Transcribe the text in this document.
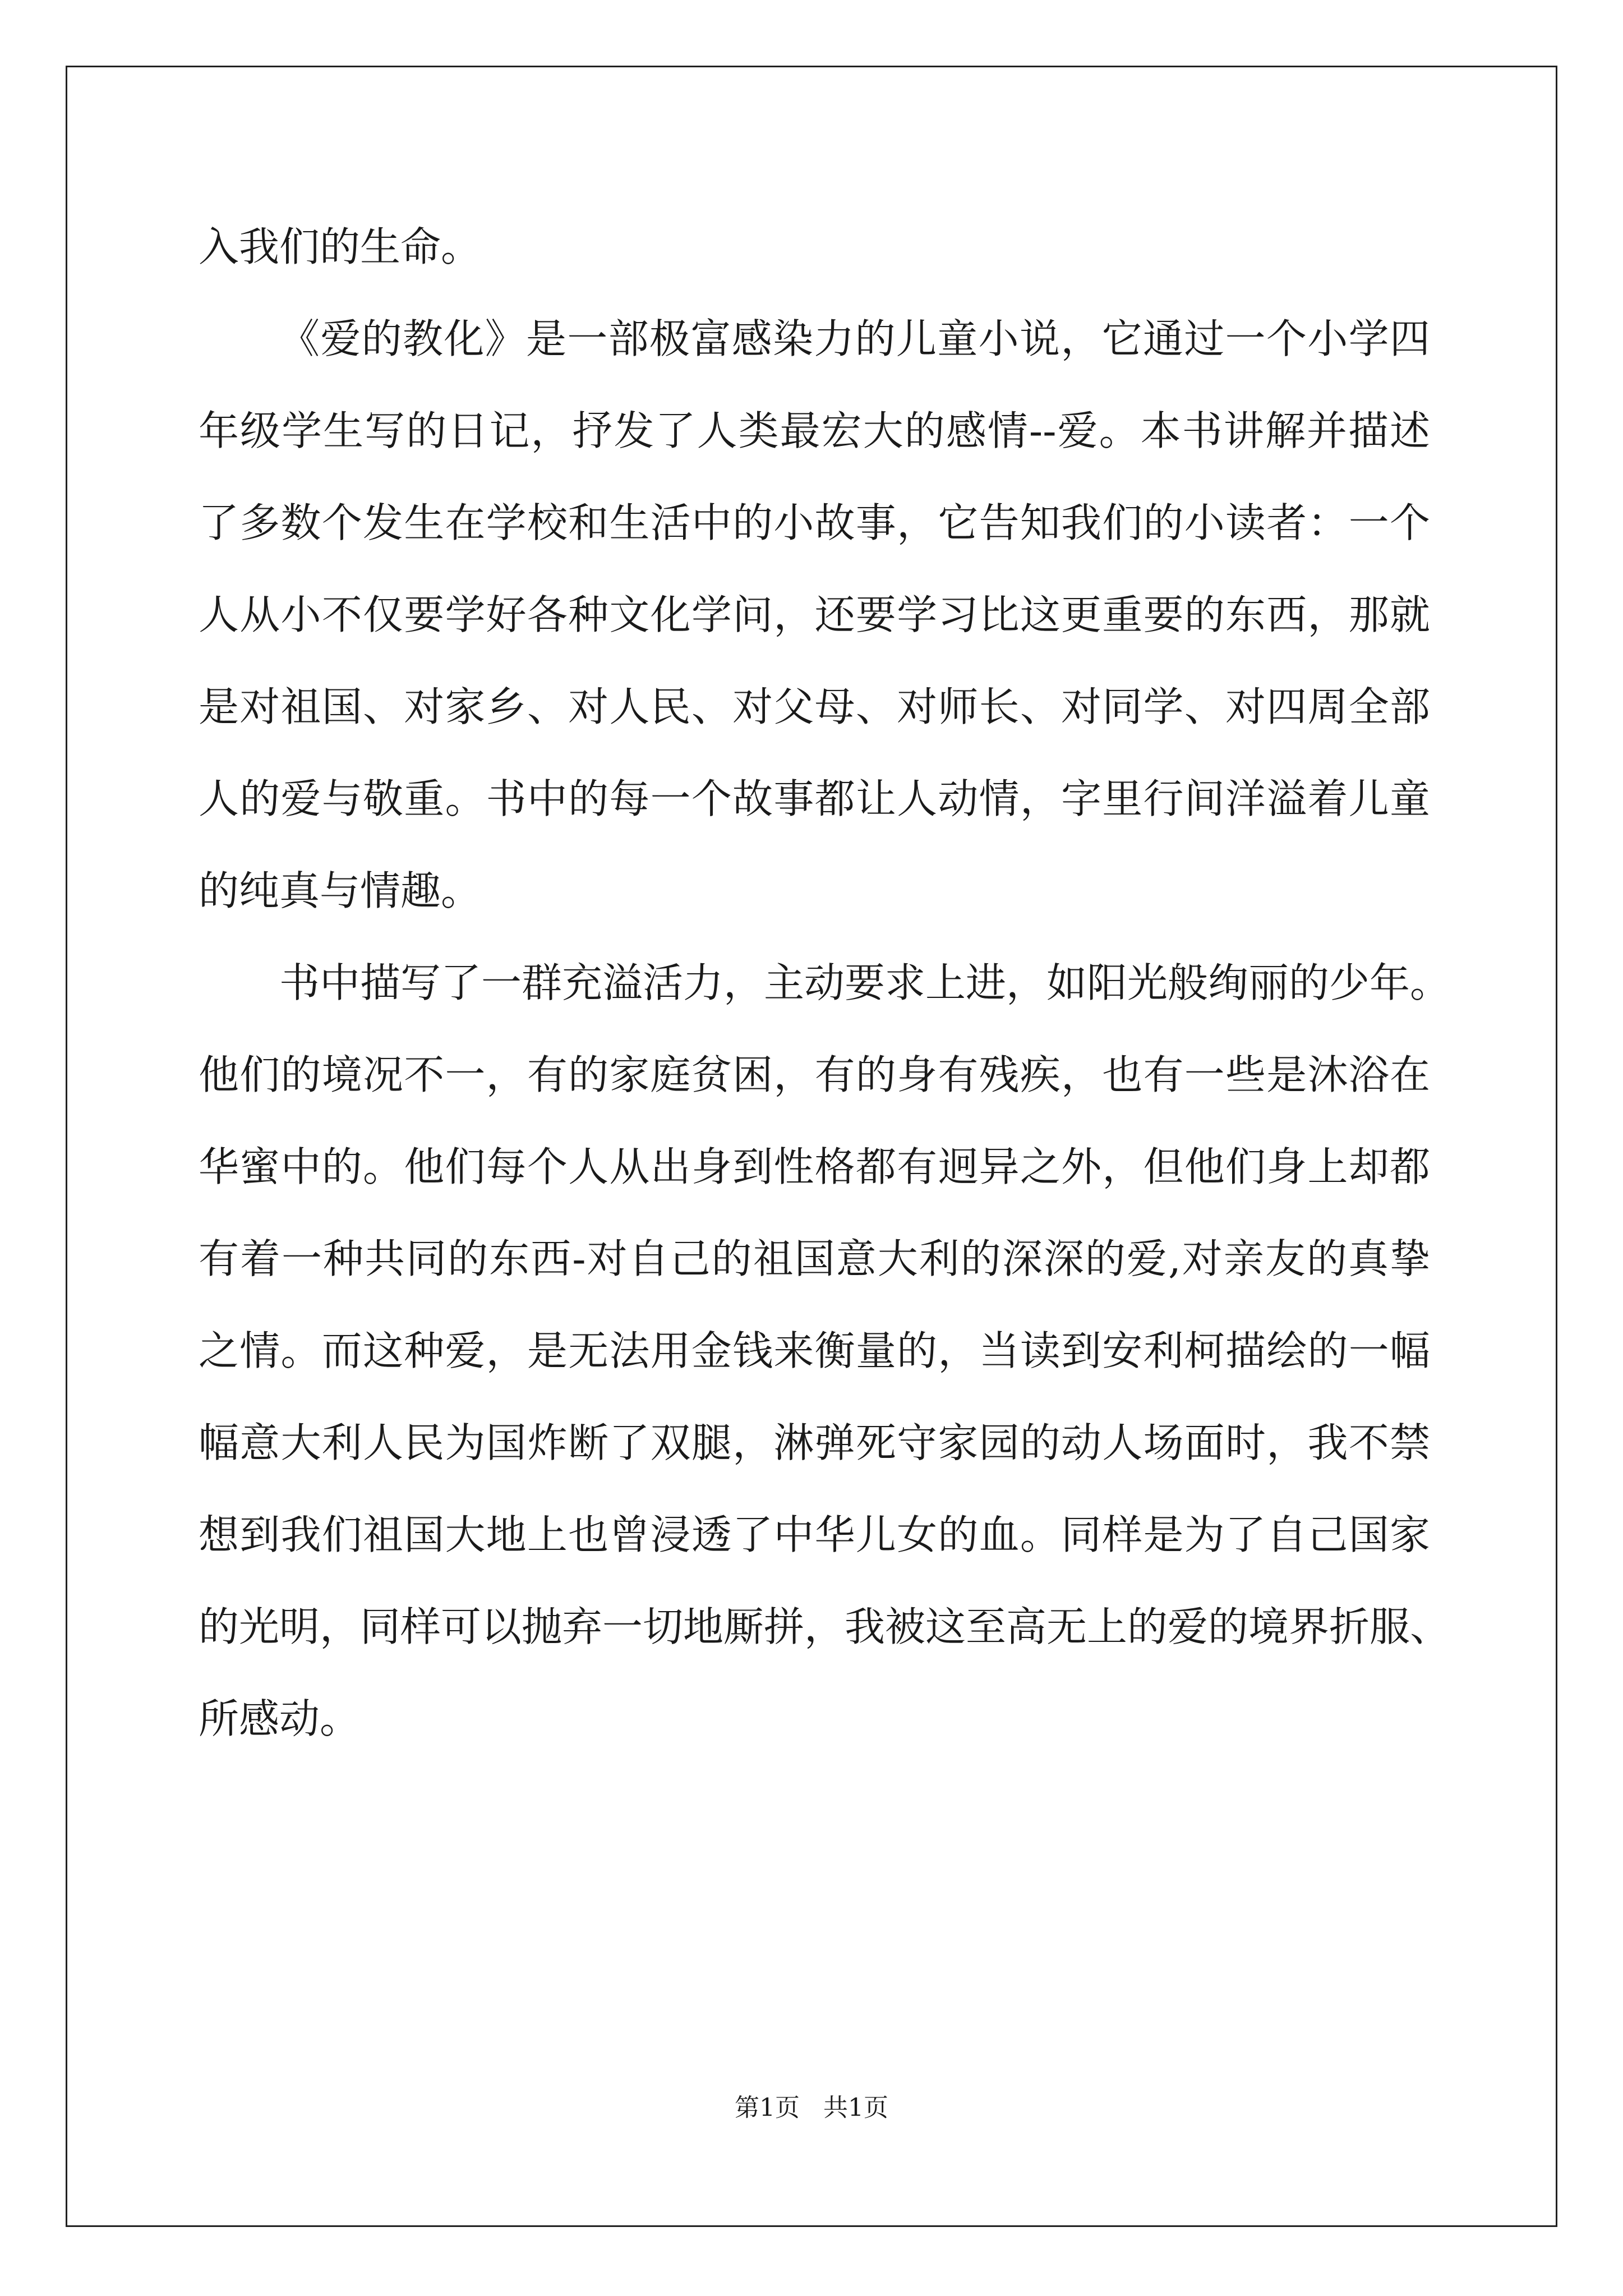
入我们的生命。
《爱的教化》是一部极富感染力的儿童小说，它通过一个小学四
年级学生写的日记，抒发了人类最宏大的感情--爱。本书讲解并描述
了多数个发生在学校和生活中的小故事，它告知我们的小读者：一个
人从小不仅要学好各种文化学问，还要学习比这更重要的东西，那就
是对祖国、对家乡、对人民、对父母、对师长、对同学、对四周全部
人的爱与敬重。书中的每一个故事都让人动情，字里行间洋溢着儿童
的纯真与情趣。
书中描写了一群充溢活力，主动要求上进，如阳光般绚丽的少年。
他们的境况不一，有的家庭贫困，有的身有残疾，也有一些是沐浴在
华蜜中的。他们每个人从出身到性格都有迥异之外，但他们身上却都
有着一种共同的东西-对自己的祖国意大利的深深的爱,对亲友的真挚
之情。而这种爱，是无法用金钱来衡量的，当读到安利柯描绘的一幅
幅意大利人民为国炸断了双腿，淋弹死守家园的动人场面时，我不禁
想到我们祖国大地上也曾浸透了中华儿女的血。同样是为了自己国家
的光明，同样可以抛弃一切地厮拼，我被这至高无上的爱的境界折服、
所感动。
第1页   共1页
